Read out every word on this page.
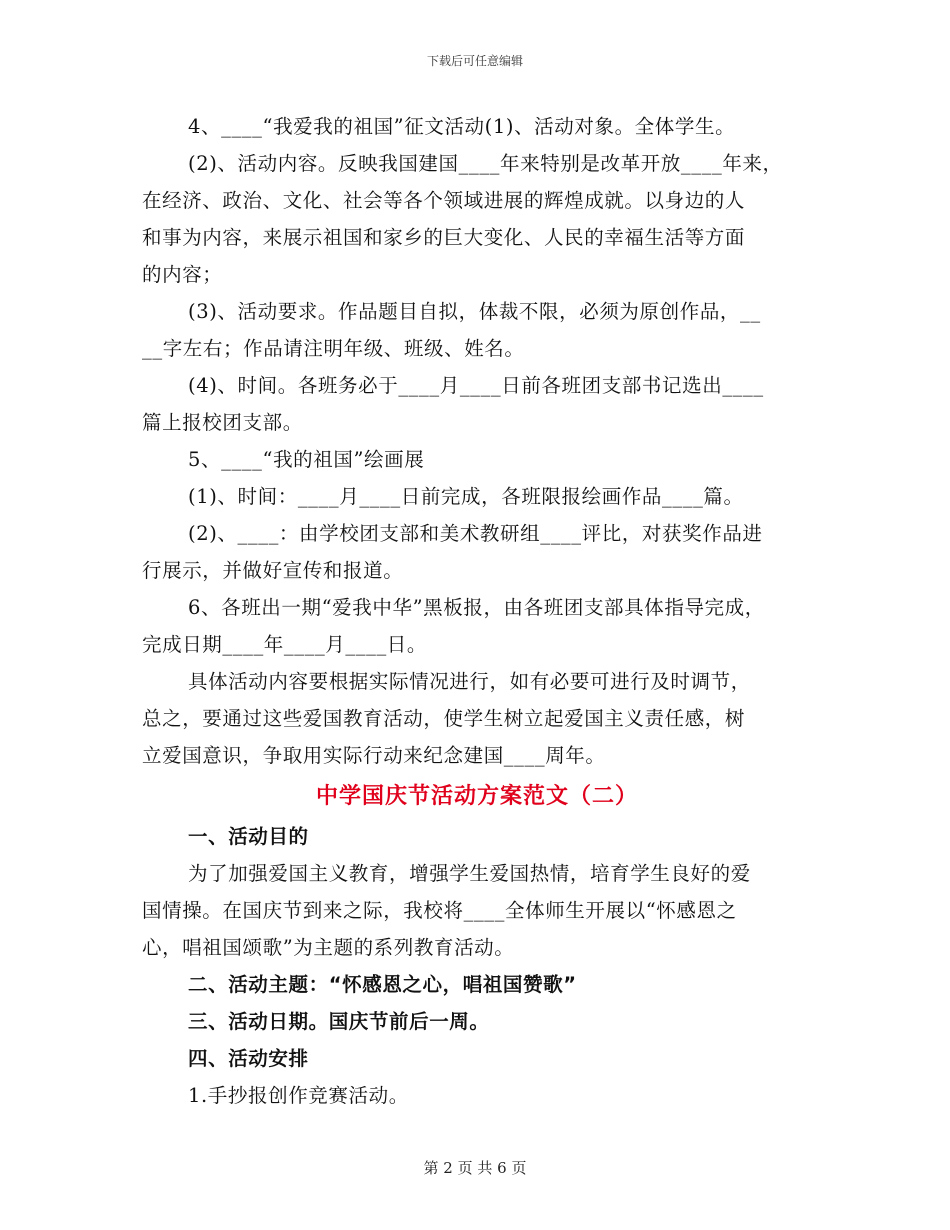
下载后可任意编辑
4、____“我爱我的祖国”征文活动(1)、活动对象。全体学生。
(2)、活动内容。反映我国建国____年来特别是改革开放____年来，
在经济、政治、文化、社会等各个领域进展的辉煌成就。以身边的人
和事为内容，来展示祖国和家乡的巨大变化、人民的幸福生活等方面
的内容；
(3)、活动要求。作品题目自拟，体裁不限，必须为原创作品，__
__字左右；作品请注明年级、班级、姓名。
(4)、时间。各班务必于____月____日前各班团支部书记选出____
篇上报校团支部。
5、____“我的祖国”绘画展
(1)、时间：____月____日前完成，各班限报绘画作品____篇。
(2)、____：由学校团支部和美术教研组____评比，对获奖作品进
行展示，并做好宣传和报道。
6、各班出一期“爱我中华”黑板报，由各班团支部具体指导完成，
完成日期____年____月____日。
具体活动内容要根据实际情况进行，如有必要可进行及时调节，
总之，要通过这些爱国教育活动，使学生树立起爱国主义责任感，树
立爱国意识，争取用实际行动来纪念建国____周年。
中学国庆节活动方案范文（二）
一、活动目的
为了加强爱国主义教育，增强学生爱国热情，培育学生良好的爱
国情操。在国庆节到来之际，我校将____全体师生开展以“怀感恩之
心，唱祖国颂歌”为主题的系列教育活动。
二、活动主题：“怀感恩之心，唱祖国赞歌”
三、活动日期。国庆节前后一周。
四、活动安排
1.手抄报创作竞赛活动。
第 2 页 共 6 页
